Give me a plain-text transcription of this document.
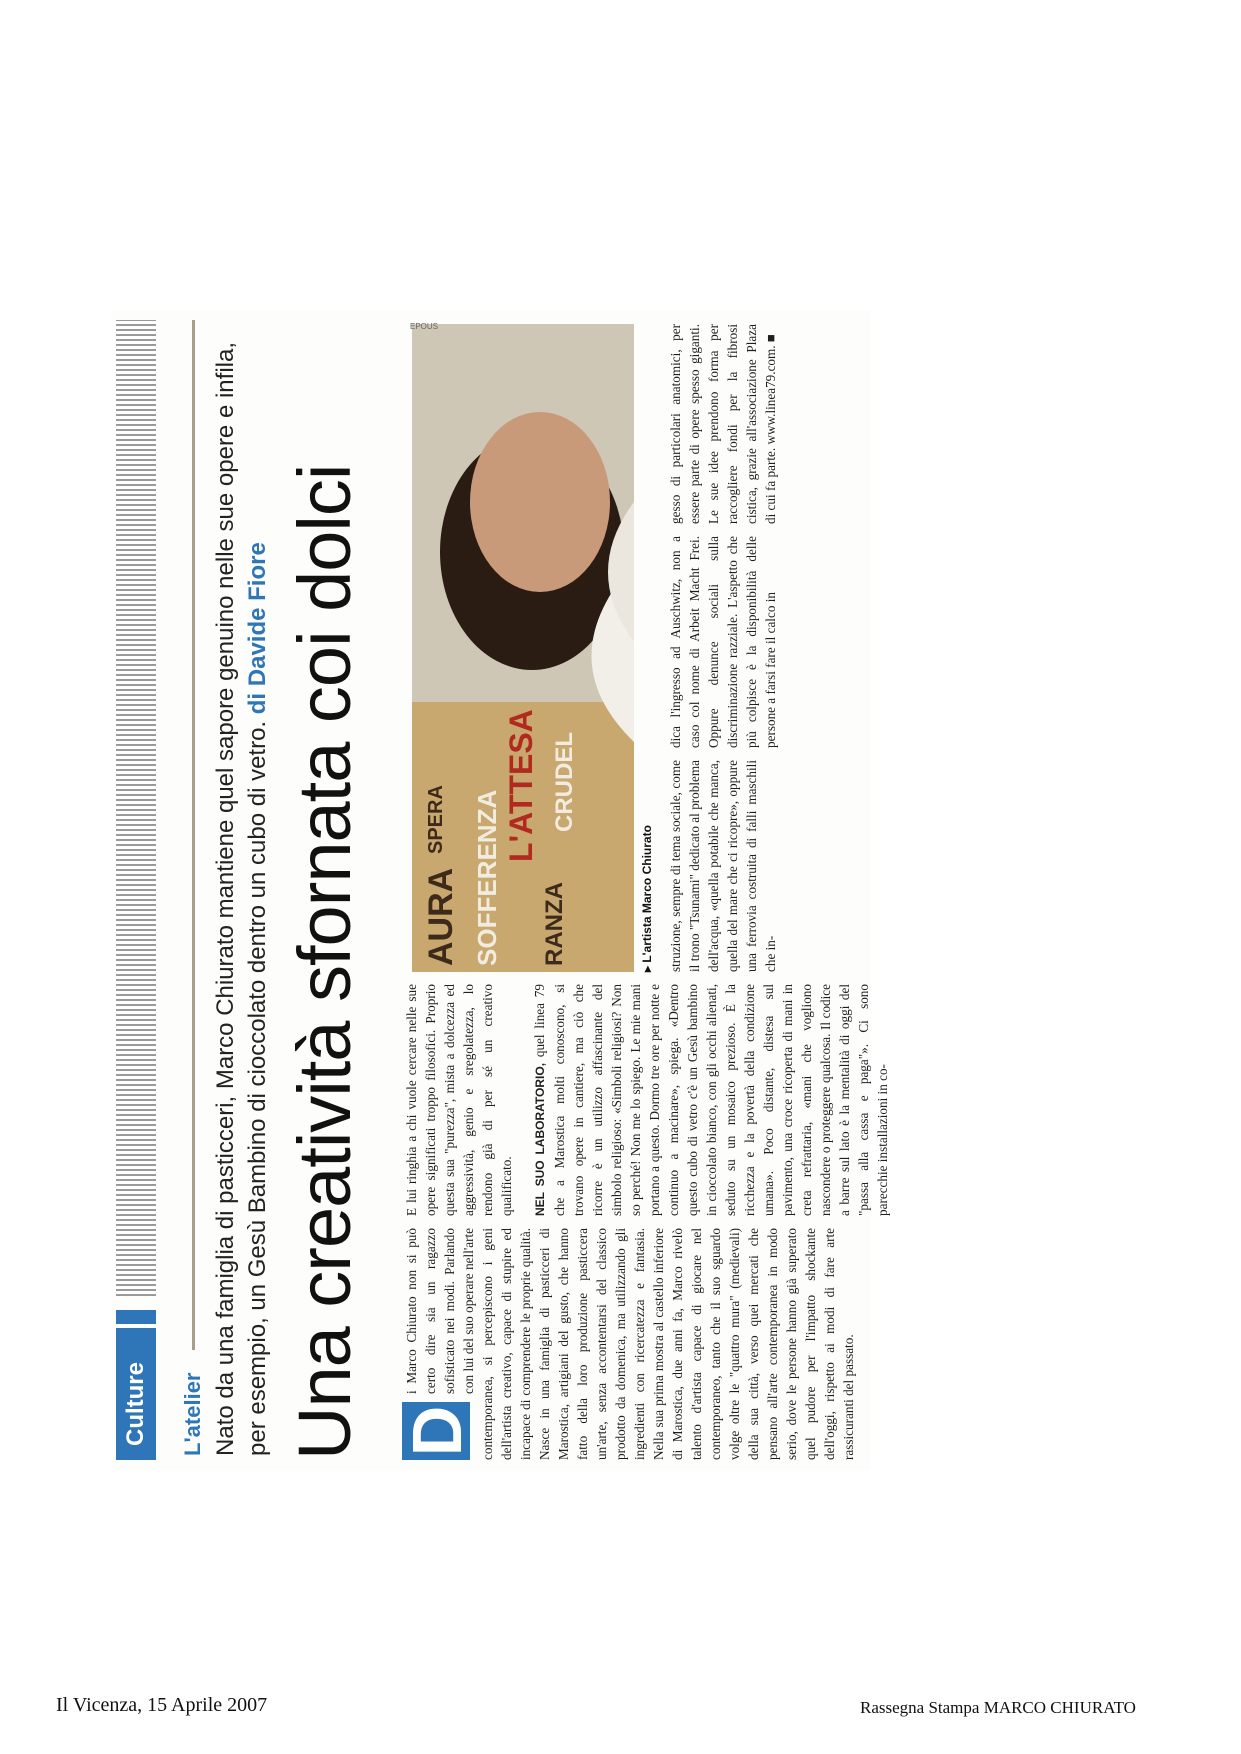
Culture	L'atelier Nato da una famiglia di pasticceri, Marco Chiurato mantiene quel sapore genuino nelle sue opere e infila, per esempio, un Gesù Bambino di cioccolato dentro un cubo di vetro. di Davide Fiore Una creatività sfornata coi dolci D

i Marco Chiurato non si può certo dire sia un ragazzo sofisticato nei modi. Parlando con lui del suo operare nell'arte contemporanea, si percepiscono i geni dell'artista creativo, capace di stupire ed incapace di comprendere le proprie qualità. Nasce in una famiglia di pasticceri di Marostica, artigiani del gusto, che hanno fatto della loro produzione pasticcera un'arte, senza accontentarsi del classico prodotto da domenica, ma utilizzando gli ingredienti con ricercatezza e fantasia. Nella sua prima mostra al castello inferiore di Marostica, due anni fa, Marco rivelò talento d'artista capace di giocare nel contemporaneo, tanto che il suo sguardo volge oltre le "quattro mura" (medievali) della sua città, verso quei mercati che pensano all'arte contemporanea in modo serio, dove le persone hanno già superato quel pudore per l'impatto shockante dell'oggi, rispetto ai modi di fare arte rassicuranti del passato.

E lui ringhia a chi vuole cercare nelle sue opere significati troppo filosofici. Proprio questa sua "purezza", mista a dolcezza ed aggressività, genio e sregolatezza, lo rendono già di per sé un creativo qualificato. NEL SUO LABORATORIO, quel linea 79 che a Marostica molti conoscono, si trovano opere in cantiere, ma ciò che ricorre è un utilizzo affascinante del simbolo religioso: «Simboli religiosi? Non so perché! Non me lo spiego. Le mie mani portano a questo. Dormo tre ore per notte e continuo a macinare», spiega. «Dentro questo cubo di vetro c'è un Gesù bambino in cioccolato bianco, con gli occhi alienati, seduto su un mosaico prezioso. È la ricchezza e la povertà della condizione umana». Poco distante, distesa sul pavimento, una croce ricoperta di mani in creta refrattaria, «mani che vogliono nascondere o proteggere qualcosa. Il codice a barre sul lato è la mentalità di oggi del "passa alla cassa e paga"». Ci sono parecchie installazioni in co-

AURA
SPERA SOFFERENZA
L'ATTESA CRUDEL
RANZA
EPOUS
▸ L'artista Marco Chiurato struzione, sempre di tema sociale, come il trono "Tsunami" dedicato al problema dell'acqua, «quella potabile che manca, quella del mare che ci ricopre», oppure una ferrovia costruita di falli maschili che in-

dica l'ingresso ad Auschwitz, non a caso col nome di Arbeit Macht Frei. Oppure denunce sociali sulla discriminazione razziale. L'aspetto che più colpisce è la disponibilità delle persone a farsi fare il calco in

gesso di particolari anatomici, per essere parte di opere spesso giganti. Le sue idee prendono forma per raccogliere fondi per la fibrosi cistica, grazie all'associazione Plaza di cui fa parte. www.linea79.com. ■

Il Vicenza, 15 Aprile 2007	Rassegna Stampa MARCO CHIURATO
